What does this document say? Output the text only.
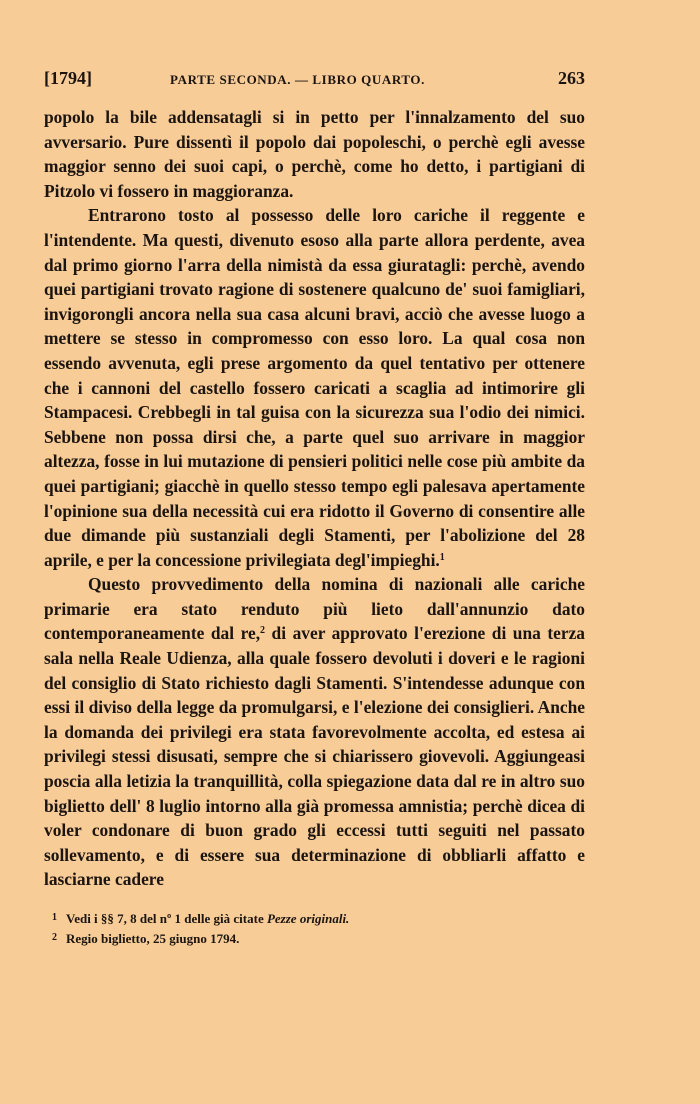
[1794]	PARTE SECONDA. — LIBRO QUARTO.	263

popolo la bile addensatagli si in petto per l'innalzamento del suo avversario. Pure dissentì il popolo dai popoleschi, o perchè egli avesse maggior senno dei suoi capi, o perchè, come ho detto, i partigiani di Pitzolo vi fossero in maggioranza.

Entrarono tosto al possesso delle loro cariche il reggente e l'intendente. Ma questi, divenuto esoso alla parte allora perdente, avea dal primo giorno l'arra della nimistà da essa giuratagli: perchè, avendo quei partigiani trovato ragione di sostenere qualcuno de' suoi famigliari, invigorongli ancora nella sua casa alcuni bravi, acciò che avesse luogo a mettere se stesso in compromesso con esso loro. La qual cosa non essendo avvenuta, egli prese argomento da quel tentativo per ottenere che i cannoni del castello fossero caricati a scaglia ad intimorire gli Stampacesi. Crebbegli in tal guisa con la sicurezza sua l'odio dei nimici. Sebbene non possa dirsi che, a parte quel suo arrivare in maggior altezza, fosse in lui mutazione di pensieri politici nelle cose più ambite da quei partigiani; giacchè in quello stesso tempo egli palesava apertamente l'opinione sua della necessità cui era ridotto il Governo di consentire alle due dimande più sustanziali degli Stamenti, per l'abolizione del 28 aprile, e per la concessione privilegiata degl'impieghi.$^1$

Questo provvedimento della nomina di nazionali alle cariche primarie era stato renduto più lieto dall'annunzio dato contemporaneamente dal re,$^2$ di aver approvato l'erezione di una terza sala nella Reale Udienza, alla quale fossero devoluti i doveri e le ragioni del consiglio di Stato richiesto dagli Stamenti. S'intendesse adunque con essi il diviso della legge da promulgarsi, e l'elezione dei consiglieri. Anche la domanda dei privilegi era stata favorevolmente accolta, ed estesa ai privilegi stessi disusati, sempre che si chiarissero giovevoli. Aggiungeasi poscia alla letizia la tranquillità, colla spiegazione data dal re in altro suo biglietto dell' 8 luglio intorno alla già promessa amnistia; perchè dicea di voler condonare di buon grado gli eccessi tutti seguiti nel passato sollevamento, e di essere sua determinazione di obbliarli affatto e lasciarne cadere

1 Vedi i §§ 7, 8 del nº 1 delle già citate Pezze originali.
2 Regio biglietto, 25 giugno 1794.
